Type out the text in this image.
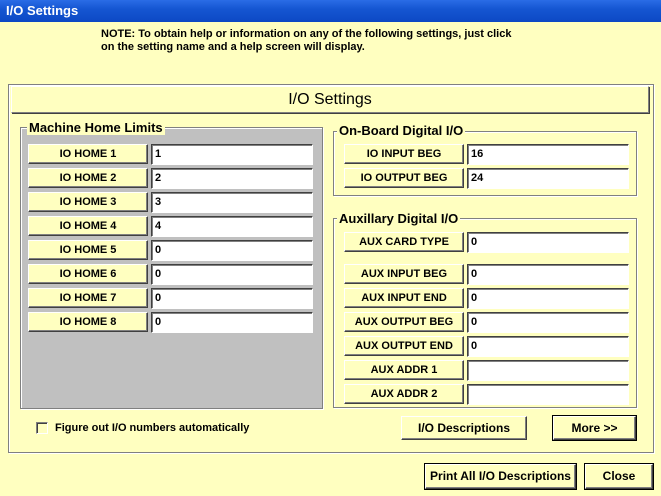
I/O Settings
NOTE: To obtain help or information on any of the following settings, just click
on the setting name and a help screen will display.
I/O Settings
Machine Home Limits
IO HOME 1	1
IO HOME 2	2
IO HOME 3	3
IO HOME 4	4
IO HOME 5	0
IO HOME 6	0
IO HOME 7	0
IO HOME 8	0
On-Board Digital I/O
IO INPUT BEG	16
IO OUTPUT BEG	24
Auxillary Digital I/O
AUX CARD TYPE	0
AUX INPUT BEG	0
AUX INPUT END	0
AUX OUTPUT BEG	0
AUX OUTPUT END	0
AUX ADDR 1
AUX ADDR 2
Figure out I/O numbers automatically	I/O Descriptions	More >>
Print All I/O Descriptions	Close
